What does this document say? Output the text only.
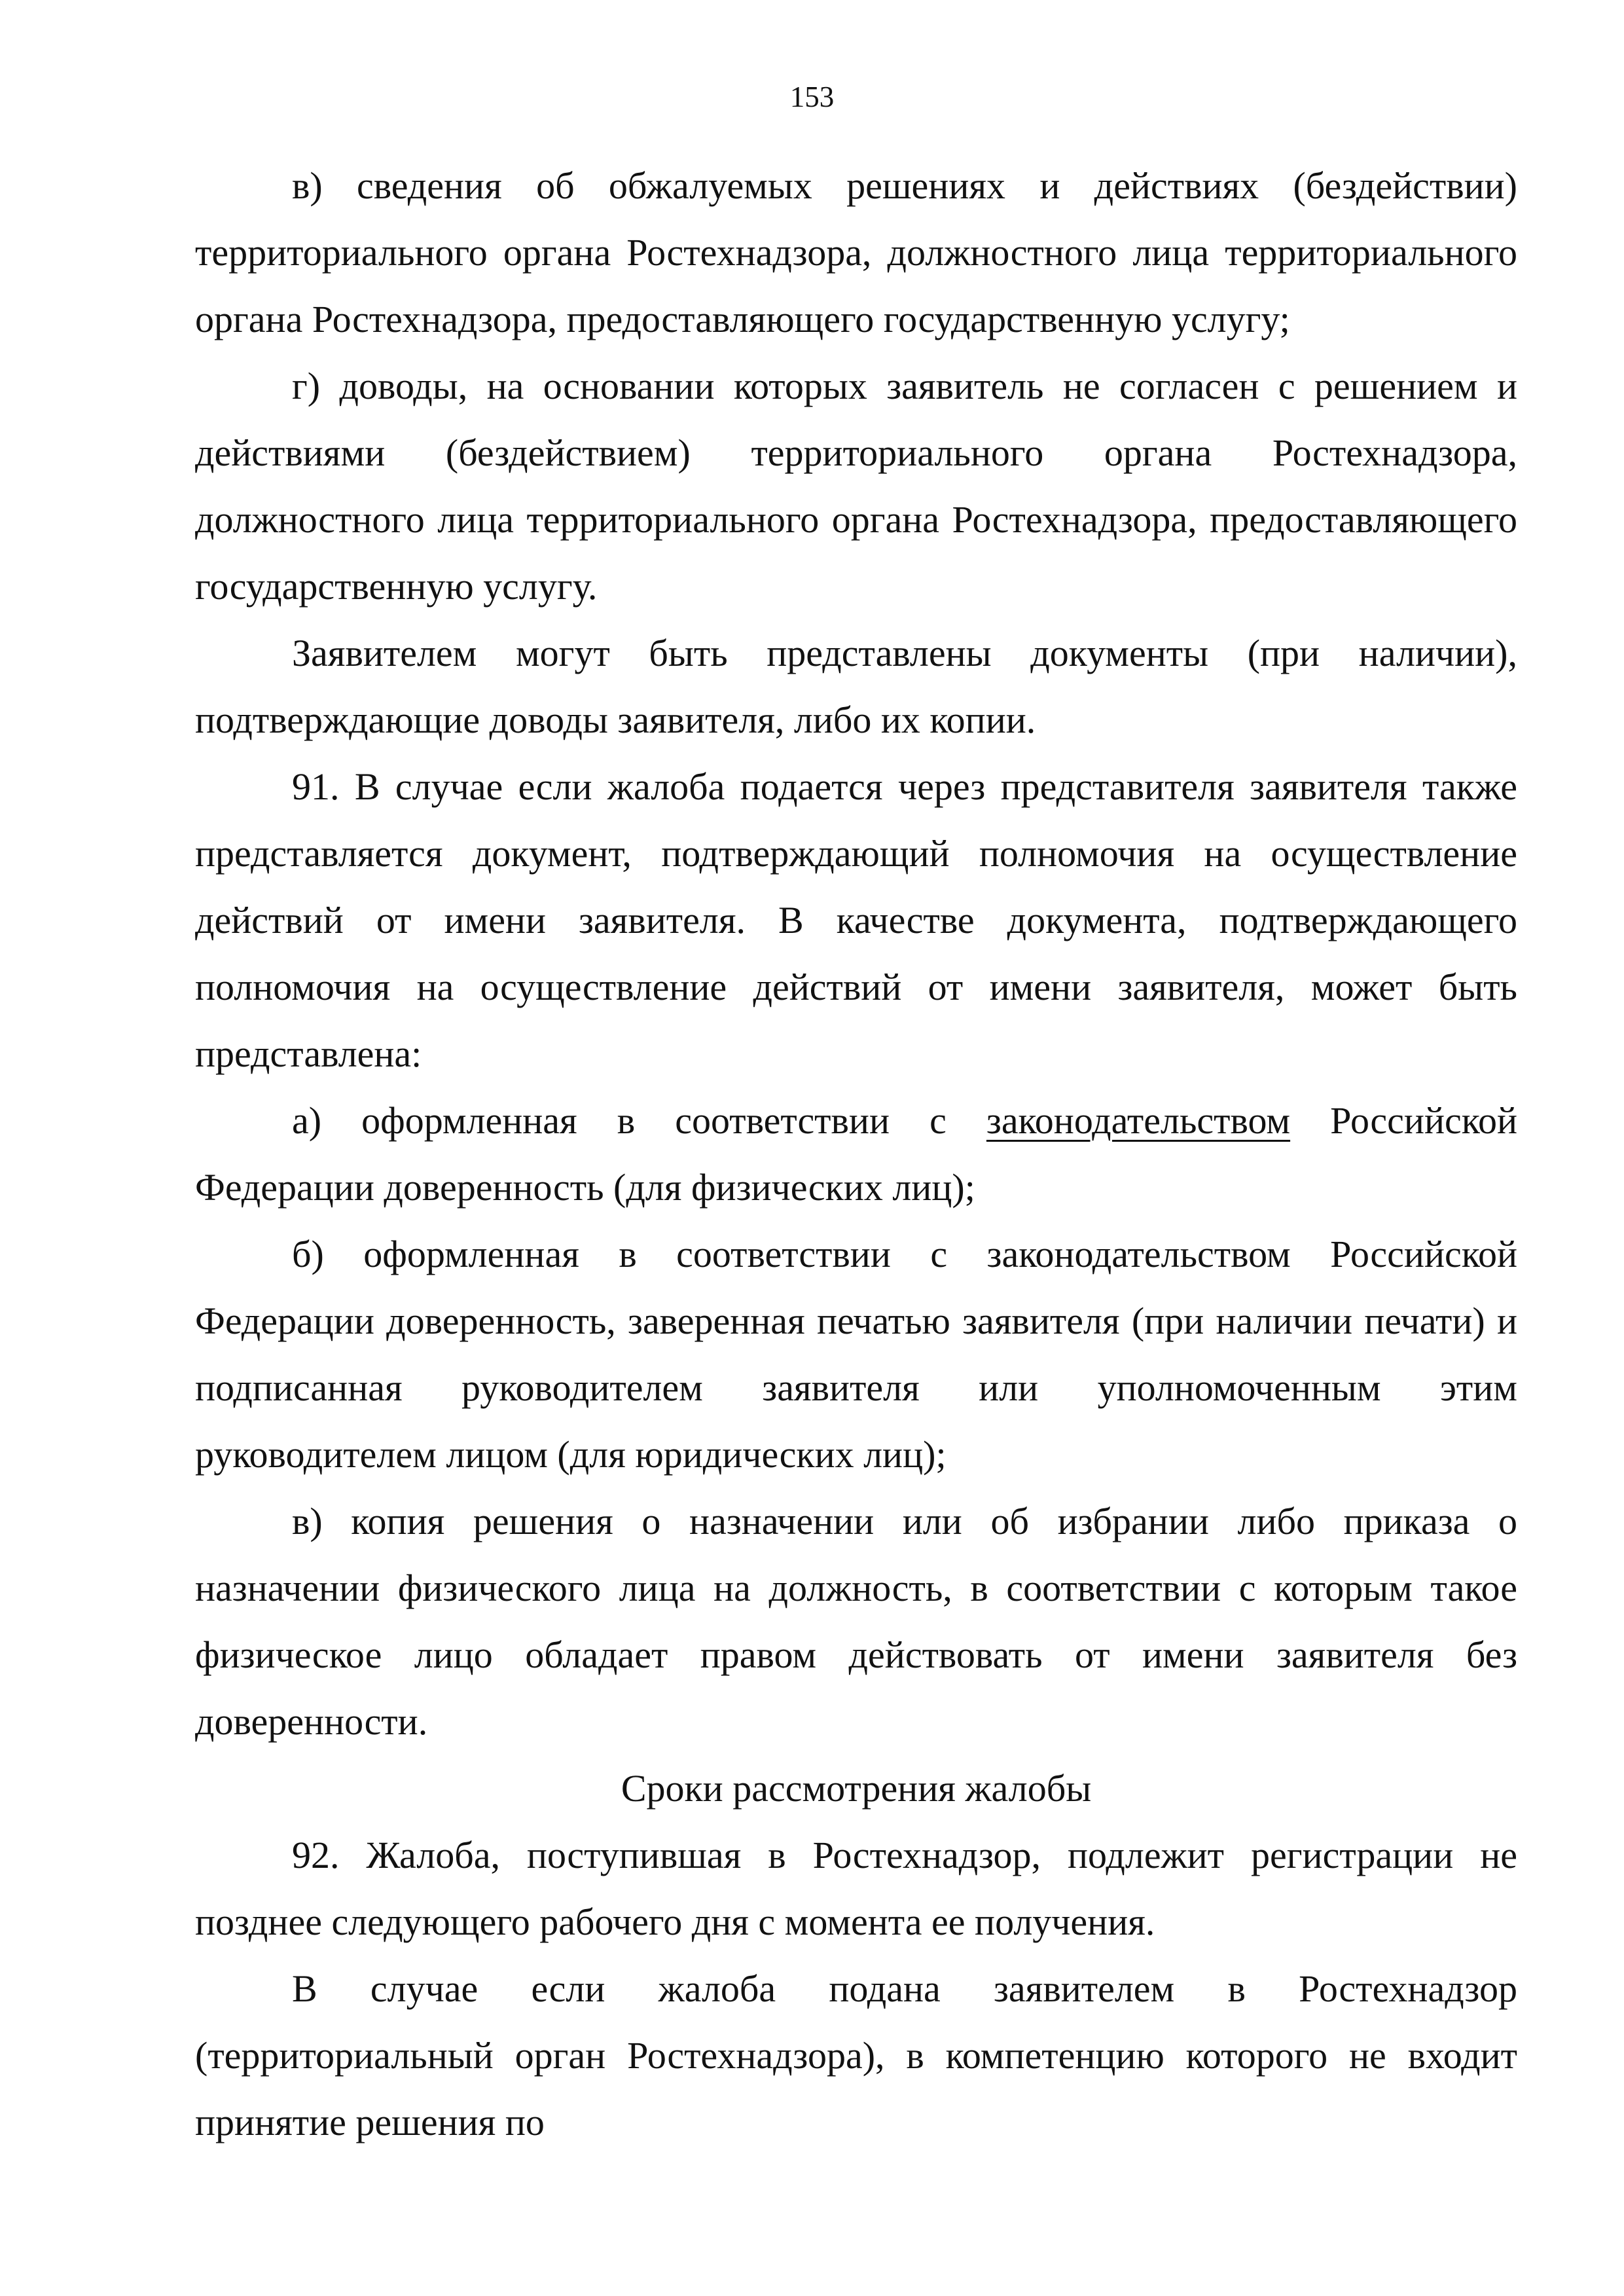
153

в) сведения об обжалуемых решениях и действиях (бездействии) территориального органа Ростехнадзора, должностного лица территориального органа Ростехнадзора, предоставляющего государственную услугу;

г) доводы, на основании которых заявитель не согласен с решением и действиями (бездействием) территориального органа Ростехнадзора, должностного лица территориального органа Ростехнадзора, предоставляющего государственную услугу.

Заявителем могут быть представлены документы (при наличии), подтверждающие доводы заявителя, либо их копии.

91. В случае если жалоба подается через представителя заявителя также представляется документ, подтверждающий полномочия на осуществление действий от имени заявителя. В качестве документа, подтверждающего полномочия на осуществление действий от имени заявителя, может быть представлена:

а) оформленная в соответствии с законодательством Российской Федерации доверенность (для физических лиц);

б) оформленная в соответствии с законодательством Российской Федерации доверенность, заверенная печатью заявителя (при наличии печати) и подписанная руководителем заявителя или уполномоченным этим руководителем лицом (для юридических лиц);

в) копия решения о назначении или об избрании либо приказа о назначении физического лица на должность, в соответствии с которым такое физическое лицо обладает правом действовать от имени заявителя без доверенности.

Сроки рассмотрения жалобы

92. Жалоба, поступившая в Ростехнадзор, подлежит регистрации не позднее следующего рабочего дня с момента ее получения.

В случае если жалоба подана заявителем в Ростехнадзор (территориальный орган Ростехнадзора), в компетенцию которого не входит принятие решения по
